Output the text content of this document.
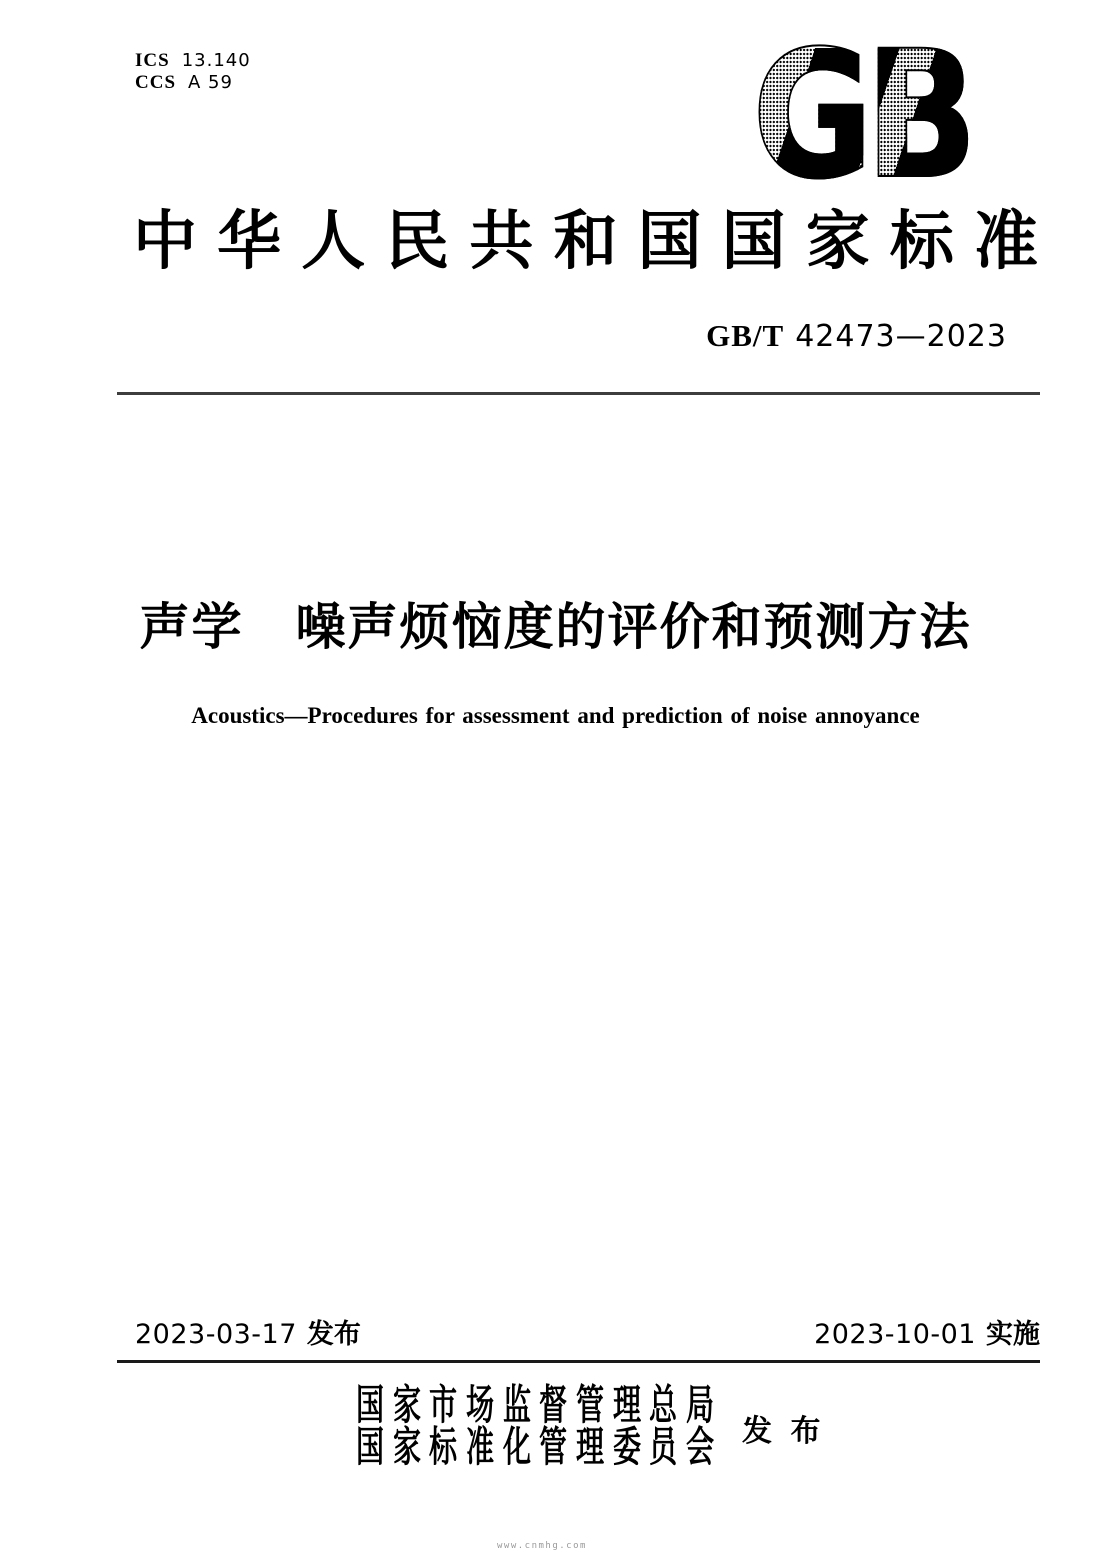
ICS 13.140
CCS A 59	GB
中 华 人 民 共 和 国 国 家 标 准
GB/T 42473—2023
声学　噪声烦恼度的评价和预测方法
Acoustics—Procedures for assessment and prediction of noise annoyance
2023-03-17 发布	2023-10-01 实施
国 家 市 场 监 督 管 理 总 局
国 家 标 准 化 管 理 委 员 会 发 布
www.cnmhg.com
